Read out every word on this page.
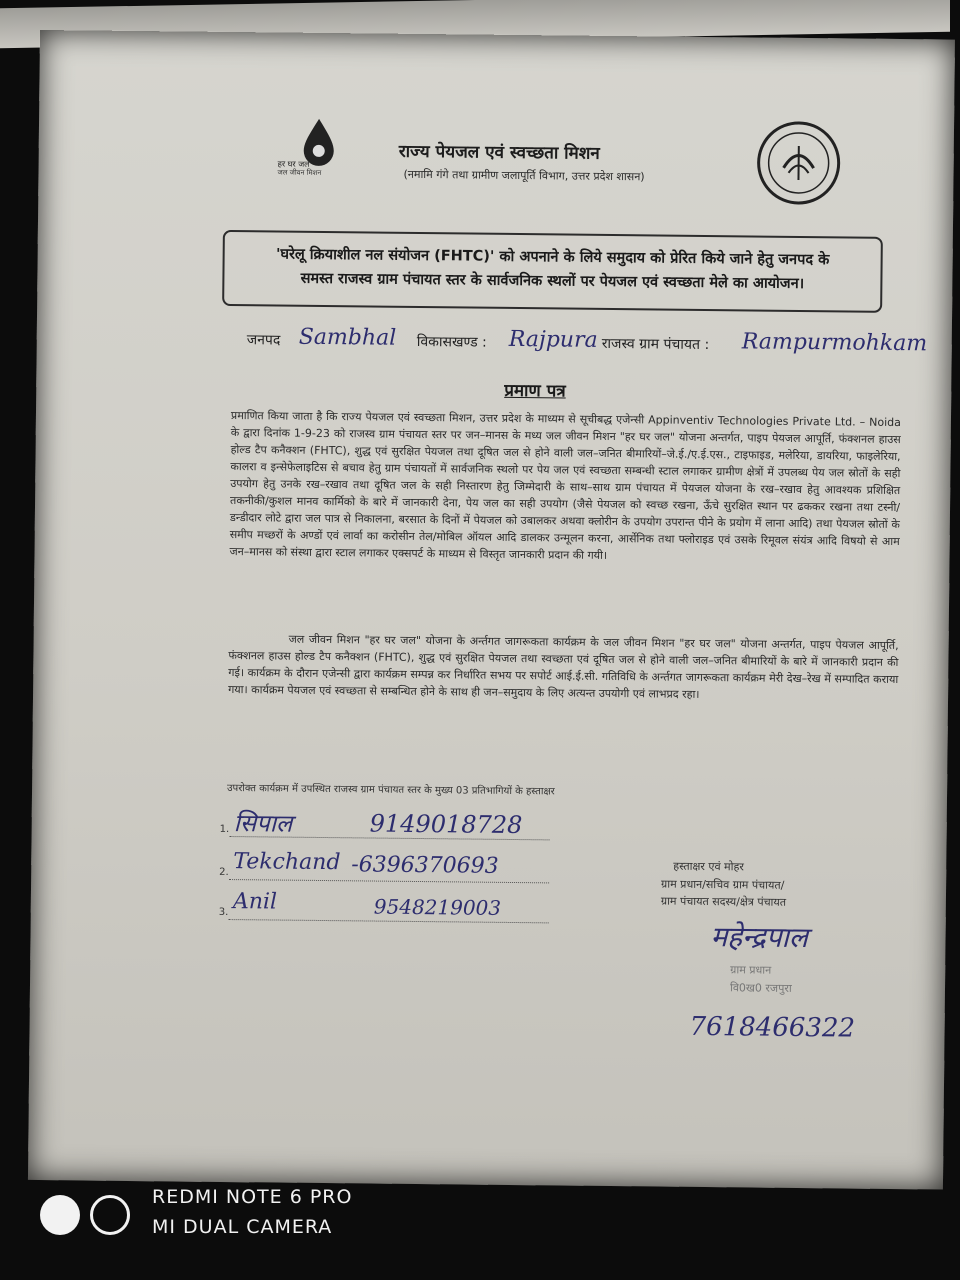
हर घर जल
जल जीवन मिशन
राज्य पेयजल एवं स्वच्छता मिशन
(नमामि गंगे तथा ग्रामीण जलापूर्ति विभाग, उत्तर प्रदेश शासन)
'घरेलू क्रियाशील नल संयोजन (FHTC)' को अपनाने के लिये समुदाय को प्रेरित किये जाने हेतु जनपद के
समस्त राजस्व ग्राम पंचायत स्तर के सार्वजनिक स्थलों पर पेयजल एवं स्वच्छता मेले का आयोजन।
जनपद Sambhal विकासखण्ड : Rajpura राजस्व ग्राम पंचायत : Rampurmohkam
प्रमाण पत्र
प्रमाणित किया जाता है कि राज्य पेयजल एवं स्वच्छता मिशन, उत्तर प्रदेश के माध्यम से सूचीबद्ध एजेन्सी Appinventiv Technologies Private Ltd. – Noida के द्वारा दिनांक 1-9-23 को राजस्व ग्राम पंचायत स्तर पर जन–मानस के मध्य जल जीवन मिशन "हर घर जल" योजना अन्तर्गत, पाइप पेयजल आपूर्ति, फंक्शनल हाउस होल्ड टैप कनैक्शन (FHTC), शुद्ध एवं सुरक्षित पेयजल तथा दूषित जल से होने वाली जल–जनित बीमारियों–जे.ई./ए.ई.एस., टाइफाइड, मलेरिया, डायरिया, फाइलेरिया, कालरा व इन्सेफेलाइटिस से बचाव हेतु ग्राम पंचायतों में सार्वजनिक स्थलो पर पेय जल एवं स्वच्छता सम्बन्धी स्टाल लगाकर ग्रामीण क्षेत्रों में उपलब्ध पेय जल स्रोतों के सही उपयोग हेतु उनके रख–रखाव तथा दूषित जल के सही निस्तारण हेतु जिम्मेदारी के साथ–साथ ग्राम पंचायत में पेयजल योजना के रख–रखाव हेतु आवश्यक प्रशिक्षित तकनीकी/कुशल मानव कार्मिको के बारे में जानकारी देना, पेय जल का सही उपयोग (जैसे पेयजल को स्वच्छ रखना, ऊँचे सुरक्षित स्थान पर ढककर रखना तथा टस्नी/डन्डीदार लोटे द्वारा जल पात्र से निकालना, बरसात के दिनों में पेयजल को उबालकर अथवा क्लोरीन के उपयोग उपरान्त पीने के प्रयोग में लाना आदि) तथा पेयजल स्रोतों के समीप मच्छरों के अण्डों एवं लार्वा का करोसीन तेल/मोबिल ऑयल आदि डालकर उन्मूलन करना, आर्सेनिक तथा फ्लोराइड एवं उसके रिमूवल संयंत्र आदि विषयो से आम जन–मानस को संस्था द्वारा स्टाल लगाकर एक्सपर्ट के माध्यम से विस्तृत जानकारी प्रदान की गयी।
जल जीवन मिशन "हर घर जल" योजना के अर्न्तगत जागरूकता कार्यक्रम के जल जीवन मिशन "हर घर जल" योजना अन्तर्गत, पाइप पेयजल आपूर्ति, फंक्शनल हाउस होल्ड टैप कनैक्शन (FHTC), शुद्ध एवं सुरक्षित पेयजल तथा स्वच्छता एवं दूषित जल से होने वाली जल–जनित बीमारियों के बारे में जानकारी प्रदान की गई। कार्यक्रम के दौरान एजेन्सी द्वारा कार्यक्रम सम्पन्न कर निर्धारित सभय पर सपोर्ट आई.ई.सी. गतिविधि के अर्न्तगत जागरूकता कार्यक्रम मेरी देख–रेख में सम्पादित कराया गया। कार्यक्रम पेयजल एवं स्वच्छता से सम्बन्धित होने के साथ ही जन–समुदाय के लिए अत्यन्त उपयोगी एवं लाभप्रद रहा।
उपरोक्त कार्यक्रम में उपस्थित राजस्व ग्राम पंचायत स्तर के मुख्य 03 प्रतिभागियों के हस्ताक्षर
1. सिपाल	9149018728
2. Tekchand -6396370693
3. Anil	9548219003
हस्ताक्षर एवं मोहर
ग्राम प्रधान/सचिव ग्राम पंचायत/
ग्राम पंचायत सदस्य/क्षेत्र पंचायत
महेन्द्रपाल
ग्राम प्रधान
वि0ख0 रजपुरा
7618466322
REDMI NOTE 6 PRO
MI DUAL CAMERA
